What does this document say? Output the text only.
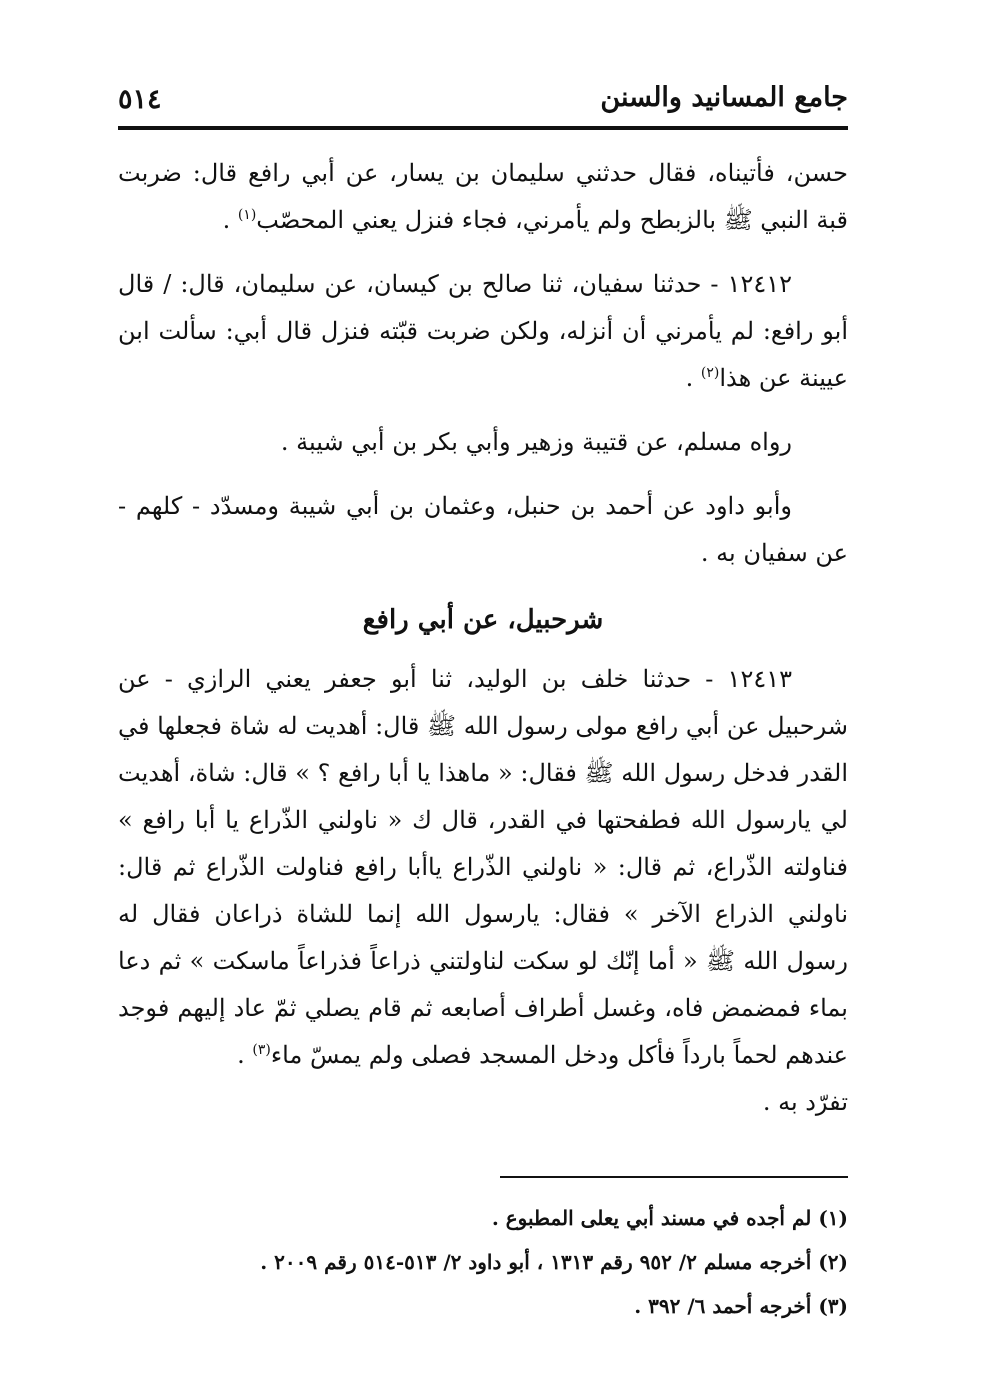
جامع المسانيد والسنن
٥١٤

حسن، فأتيناه، فقال حدثني سليمان بن يسار، عن أبي رافع قال: ضربت قبة النبي ﷺ بالزبطح ولم يأمرني، فجاء فنزل يعني المحصّب$^{(١)}$ .

١٢٤١٢ - حدثنا سفيان، ثنا صالح بن كيسان، عن سليمان، قال: / قال أبو رافع: لم يأمرني أن أنزله، ولكن ضربت قبّته فنزل قال أبي: سألت ابن عيينة عن هذا$^{(٢)}$ .

رواه مسلم، عن قتيبة وزهير وأبي بكر بن أبي شيبة .

وأبو داود عن أحمد بن حنبل، وعثمان بن أبي شيبة ومسدّد - كلهم - عن سفيان به .

شرحبيل، عن أبي رافع

١٢٤١٣ - حدثنا خلف بن الوليد، ثنا أبو جعفر يعني الرازي - عن شرحبيل عن أبي رافع مولى رسول الله ﷺ قال: أهديت له شاة فجعلها في القدر فدخل رسول الله ﷺ فقال: « ماهذا يا أبا رافع ؟ » قال: شاة، أهديت لي يارسول الله فطفحتها في القدر، قال ك « ناولني الذّراع يا أبا رافع » فناولته الذّراع، ثم قال: « ناولني الذّراع ياأبا رافع فناولت الذّراع ثم قال: ناولني الذراع الآخر » فقال: يارسول الله إنما للشاة ذراعان فقال له رسول الله ﷺ « أما إنّك لو سكت لناولتني ذراعاً فذراعاً ماسكت » ثم دعا بماء فمضمض فاه، وغسل أطراف أصابعه ثم قام يصلي ثمّ عاد إليهم فوجد عندهم لحماً بارداً فأكل ودخل المسجد فصلى ولم يمسّ ماء$^{(٣)}$ .

تفرّد به .

(١) لم أجده في مسند أبي يعلى المطبوع .

(٢) أخرجه مسلم ٢/ ٩٥٢ رقم ١٣١٣ ، أبو داود ٢/ ٥١٣-٥١٤ رقم ٢٠٠٩ .

(٣) أخرجه أحمد ٦/ ٣٩٢ .
